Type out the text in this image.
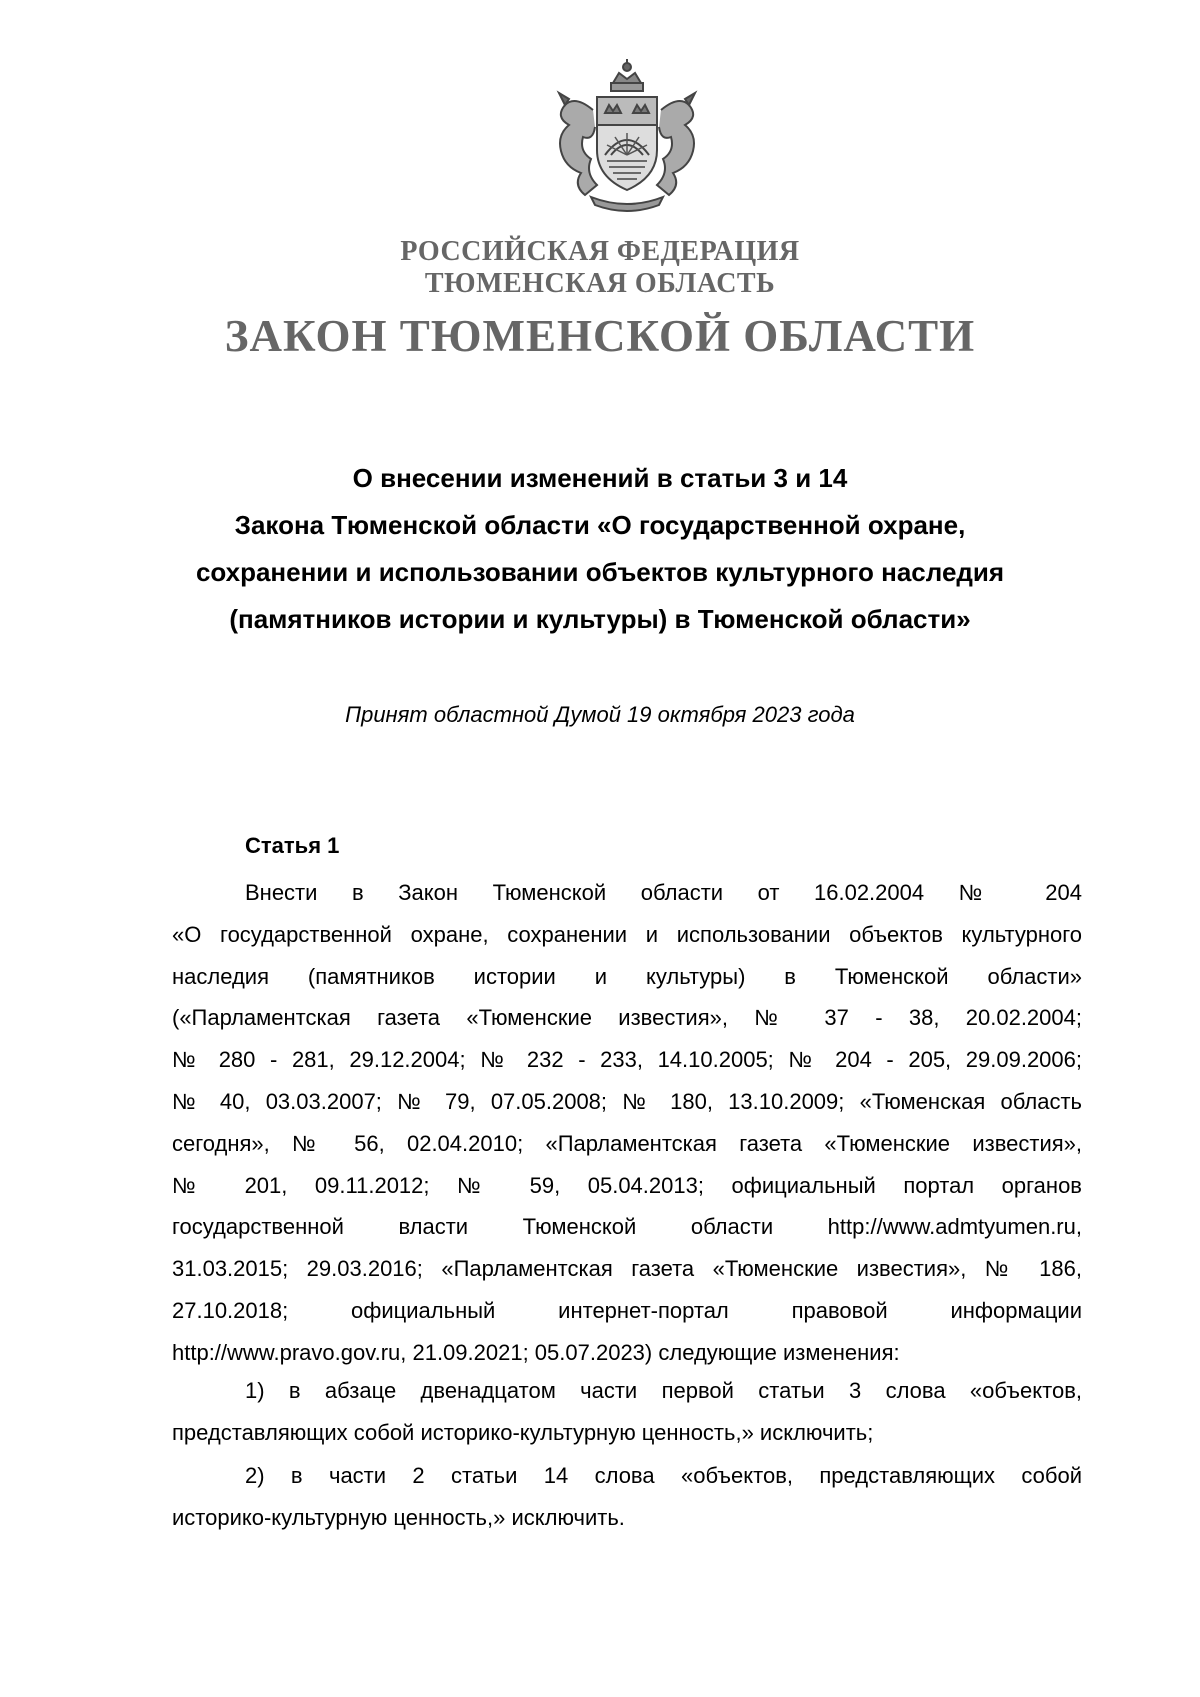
РОССИЙСКАЯ ФЕДЕРАЦИЯ
ТЮМЕНСКАЯ ОБЛАСТЬ
ЗАКОН ТЮМЕНСКОЙ ОБЛАСТИ
О внесении изменений в статьи 3 и 14
Закона Тюменской области «О государственной охране,
сохранении и использовании объектов культурного наследия
(памятников истории и культуры) в Тюменской области»
Принят областной Думой 19 октября 2023 года
Статья 1
Внести в Закон Тюменской области от 16.02.2004 № 204
«О государственной охране, сохранении и использовании объектов культурного
наследия (памятников истории и культуры) в Тюменской области»
(«Парламентская газета «Тюменские известия», № 37 - 38, 20.02.2004;
№ 280 - 281, 29.12.2004; № 232 - 233, 14.10.2005; № 204 - 205, 29.09.2006;
№ 40, 03.03.2007; № 79, 07.05.2008; № 180, 13.10.2009; «Тюменская область
сегодня», № 56, 02.04.2010; «Парламентская газета «Тюменские известия»,
№ 201, 09.11.2012; № 59, 05.04.2013; официальный портал органов
государственной власти Тюменской области http://www.admtyumen.ru,
31.03.2015; 29.03.2016; «Парламентская газета «Тюменские известия», № 186,
27.10.2018; официальный интернет-портал правовой информации
http://www.pravo.gov.ru, 21.09.2021; 05.07.2023) следующие изменения:
1) в абзаце двенадцатом части первой статьи 3 слова «объектов,
представляющих собой историко-культурную ценность,» исключить;
2) в части 2 статьи 14 слова «объектов, представляющих собой
историко-культурную ценность,» исключить.
